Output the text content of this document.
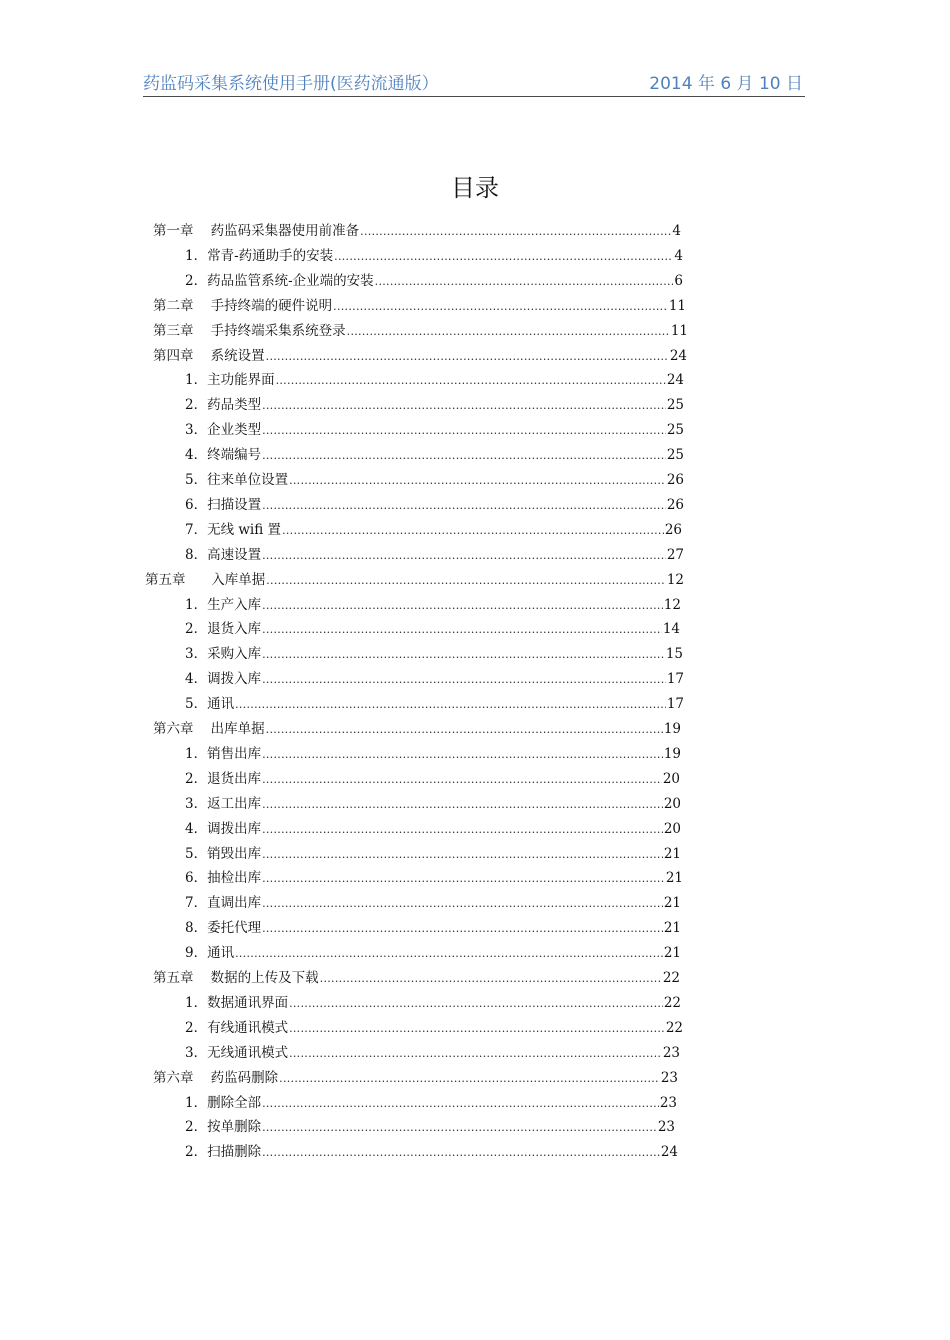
药监码采集系统使用手册(医药流通版）	2014 年 6 月 10 日
目录
第一章    药监码采集器使用前准备 .....	4
1．常青-药通助手的安装 .....	4
2．药品监管系统-企业端的安装 .....	6
第二章    手持终端的硬件说明 .....	11
第三章    手持终端采集系统登录 .....	11
第四章    系统设置 .....	24
1．主功能界面 .....	24
2．药品类型 .....	25
3．企业类型 .....	25
4．终端编号 .....	25
5．往来单位设置 .....	26
6．扫描设置 .....	26
7．无线 wifi 置 .....	26
8．高速设置 .....	27
第五章      入库单据 .....	12
1．生产入库 .....	12
2．退货入库 .....	14
3．采购入库 .....	15
4．调拨入库 .....	17
5．通讯 .....	17
第六章    出库单据 .....	19
1．销售出库 .....	19
2．退货出库 .....	20
3．返工出库 .....	20
4．调拨出库 .....	20
5．销毁出库 .....	21
6．抽检出库 .....	21
7．直调出库 .....	21
8．委托代理 .....	21
9．通讯 .....	21
第五章    数据的上传及下载 .....	22
1．数据通讯界面 .....	22
2．有线通讯模式 .....	22
3．无线通讯模式 .....	23
第六章    药监码删除 .....	23
1．删除全部 .....	23
2．按单删除 .....	23
2．扫描删除 .....	24
